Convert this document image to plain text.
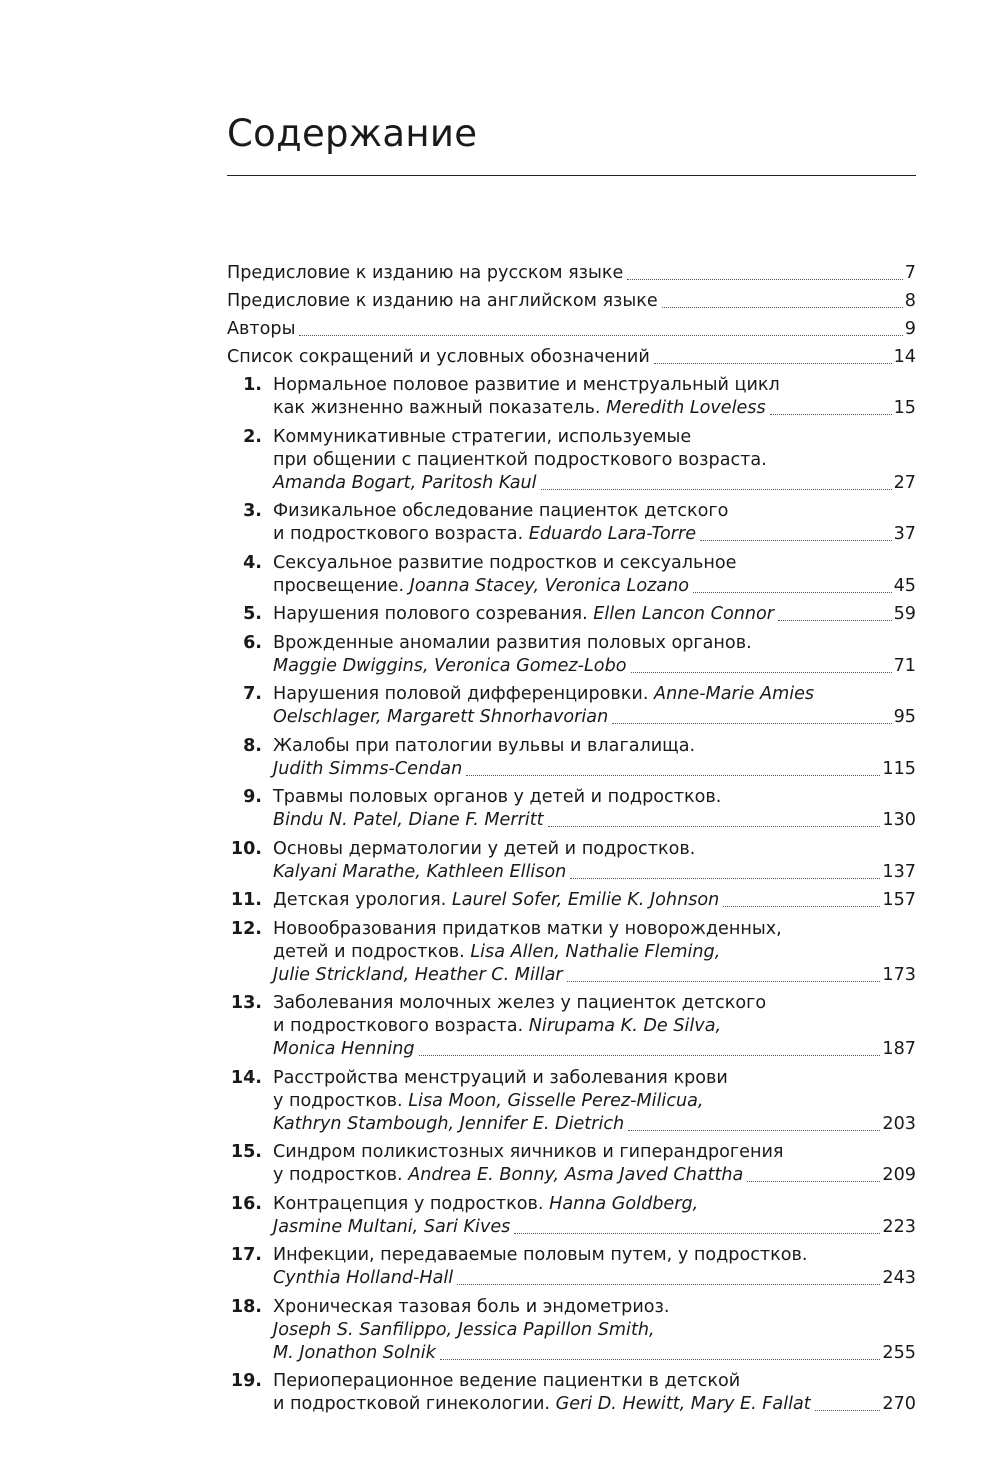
Содержание
Предисловие к изданию на русском языке	7
Предисловие к изданию на английском языке	8
Авторы	9
Список сокращений и условных обозначений	14
1. Нормальное половое развитие и менструальный цикл
как жизненно важный показатель. Meredith Loveless	15
2. Коммуникативные стратегии, используемые
при общении с пациенткой подросткового возраста.
Amanda Bogart, Paritosh Kaul	27
3. Физикальное обследование пациенток детского
и подросткового возраста. Eduardo Lara-Torre	37
4. Сексуальное развитие подростков и сексуальное
просвещение. Joanna Stacey, Veronica Lozano	45
5. Нарушения полового созревания. Ellen Lancon Connor	59
6. Врожденные аномалии развития половых органов.
Maggie Dwiggins, Veronica Gomez-Lobo	71
7. Нарушения половой дифференцировки. Anne-Marie Amies
Oelschlager, Margarett Shnorhavorian	95
8. Жалобы при патологии вульвы и влагалища.
Judith Simms-Cendan	115
9. Травмы половых органов у детей и подростков.
Bindu N. Patel, Diane F. Merritt	130
10. Основы дерматологии у детей и подростков.
Kalyani Marathe, Kathleen Ellison	137
11. Детская урология. Laurel Sofer, Emilie K. Johnson	157
12. Новообразования придатков матки у новорожденных,
детей и подростков. Lisa Allen, Nathalie Fleming,
Julie Strickland, Heather C. Millar	173
13. Заболевания молочных желез у пациенток детского
и подросткового возраста. Nirupama K. De Silva,
Monica Henning	187
14. Расстройства менструаций и заболевания крови
у подростков. Lisa Moon, Gisselle Perez-Milicua,
Kathryn Stambough, Jennifer E. Dietrich	203
15. Синдром поликистозных яичников и гиперандрогения
у подростков. Andrea E. Bonny, Asma Javed Chattha	209
16. Контрацепция у подростков. Hanna Goldberg,
Jasmine Multani, Sari Kives	223
17. Инфекции, передаваемые половым путем, у подростков.
Cynthia Holland-Hall	243
18. Хроническая тазовая боль и эндометриоз.
Joseph S. Sanfilippo, Jessica Papillon Smith,
M. Jonathon Solnik	255
19. Периоперационное ведение пациентки в детской
и подростковой гинекологии. Geri D. Hewitt, Mary E. Fallat	270
